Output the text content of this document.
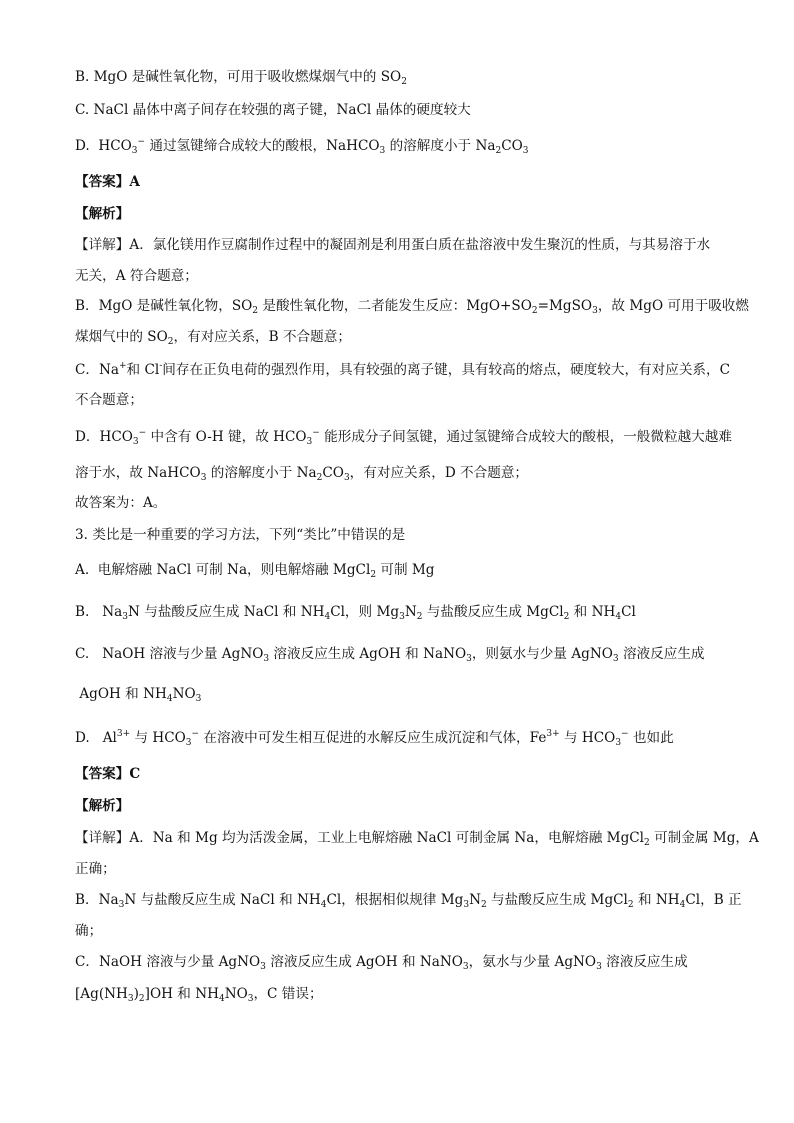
B. MgO 是碱性氧化物，可用于吸收燃煤烟气中的 $SO_2$
C. NaCl 晶体中离子间存在较强的离子键，NaCl 晶体的硬度较大
D.  $HCO_3^-$ 通过氢键缔合成较大的酸根，NaHCO$_3$ 的溶解度小于 $Na_2CO_3$
【答案】A
【解析】
【详解】A．氯化镁用作豆腐制作过程中的凝固剂是利用蛋白质在盐溶液中发生聚沉的性质，与其易溶于水
无关，A 符合题意；
B．MgO 是碱性氧化物，$SO_2$ 是酸性氧化物，二者能发生反应：$MgO+SO_2=MgSO_3$，故 MgO 可用于吸收燃
煤烟气中的 $SO_2$，有对应关系，B 不合题意；
C．Na+和 Cl-间存在正负电荷的强烈作用，具有较强的离子键，具有较高的熔点，硬度较大，有对应关系，C
不合题意；
D．$HCO_3^-$ 中含有 O-H 键，故 $HCO_3^-$ 能形成分子间氢键，通过氢键缔合成较大的酸根，一般微粒越大越难
溶于水，故 NaHCO$_3$ 的溶解度小于 $Na_2CO_3$，有对应关系，D 不合题意；
故答案为：A。
3. 类比是一种重要的学习方法，下列“类比”中错误的是
A.  电解熔融 NaCl 可制 Na，则电解熔融 MgCl$_2$ 可制 Mg
B.   $Na_3N$ 与盐酸反应生成 NaCl 和 $NH_4Cl$，则 $Mg_3N_2$ 与盐酸反应生成 MgCl$_2$ 和 $NH_4Cl$
C.   NaOH 溶液与少量 AgNO$_3$ 溶液反应生成 AgOH 和 NaNO$_3$，则氨水与少量 AgNO$_3$ 溶液反应生成
AgOH 和 $NH_4NO_3$
D.   $Al^{3+}$ 与 $HCO_3^-$ 在溶液中可发生相互促进的水解反应生成沉淀和气体，$Fe^{3+}$ 与 $HCO_3^-$ 也如此
【答案】C
【解析】
【详解】A．Na 和 Mg 均为活泼金属，工业上电解熔融 NaCl 可制金属 Na，电解熔融 MgCl$_2$ 可制金属 Mg，A
正确；
B．$Na_3N$ 与盐酸反应生成 NaCl 和 $NH_4Cl$，根据相似规律 $Mg_3N_2$ 与盐酸反应生成 MgCl$_2$ 和 $NH_4Cl$，B 正
确；
C．NaOH 溶液与少量 AgNO$_3$ 溶液反应生成 AgOH 和 NaNO$_3$，氨水与少量 AgNO$_3$ 溶液反应生成
$[Ag(NH_3)_2]OH$ 和 $NH_4NO_3$，C 错误；
